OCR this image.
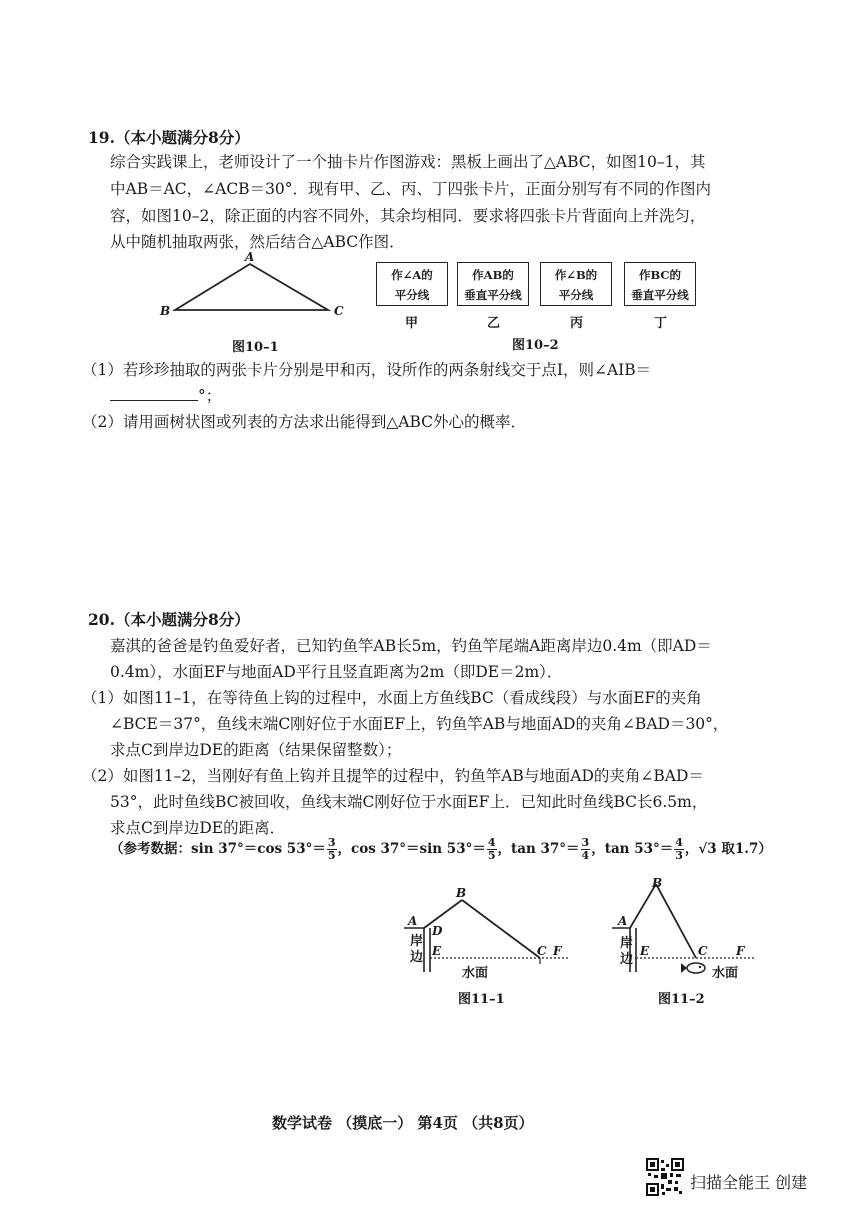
19.（本小题满分8分）
综合实践课上，老师设计了一个抽卡片作图游戏：黑板上画出了△ABC，如图10–1，其
中AB＝AC，∠ACB＝30°．现有甲、乙、丙、丁四张卡片，正面分别写有不同的作图内
容，如图10–2，除正面的内容不同外，其余均相同．要求将四张卡片背面向上并洗匀，
从中随机抽取两张，然后结合△ABC作图．
A
B	C
图10–1
作∠A的
平分线
作AB的
垂直平分线
作∠B的
平分线
作BC的
垂直平分线
甲	乙	丙	丁
图10–2
（1）若珍珍抽取的两张卡片分别是甲和丙，设所作的两条射线交于点I，则∠AIB＝
°；
（2）请用画树状图或列表的方法求出能得到△ABC外心的概率．
20.（本小题满分8分）
嘉淇的爸爸是钓鱼爱好者，已知钓鱼竿AB长5m，钓鱼竿尾端A距离岸边0.4m（即AD＝
0.4m），水面EF与地面AD平行且竖直距离为2m（即DE＝2m）．
（1）如图11–1，在等待鱼上钩的过程中，水面上方鱼线BC（看成线段）与水面EF的夹角
∠BCE＝37°，鱼线末端C刚好位于水面EF上，钓鱼竿AB与地面AD的夹角∠BAD＝30°，
求点C到岸边DE的距离（结果保留整数）；
（2）如图11–2，当刚好有鱼上钩并且提竿的过程中，钓鱼竿AB与地面AD的夹角∠BAD＝
53°，此时鱼线BC被回收，鱼线末端C刚好位于水面EF上．已知此时鱼线BC长6.5m，
求点C到岸边DE的距离．
（参考数据：sin 37°＝cos $53^\circ= \frac{3}{5}$ ，cos 37°＝sin $53^\circ= \frac{4}{5}$ ，$\tan 37^\circ= \frac{3}{4}$ ，$\tan 53^\circ= \frac{4}{3}$ ，√3 取1.7）
B
A
D
E	C F
岸
边
水面
图11–1
B
A
E	C F
岸
边
水面
图11–2
数学试卷 （摸底一） 第4页 （共8页）
扫描全能王 创建
